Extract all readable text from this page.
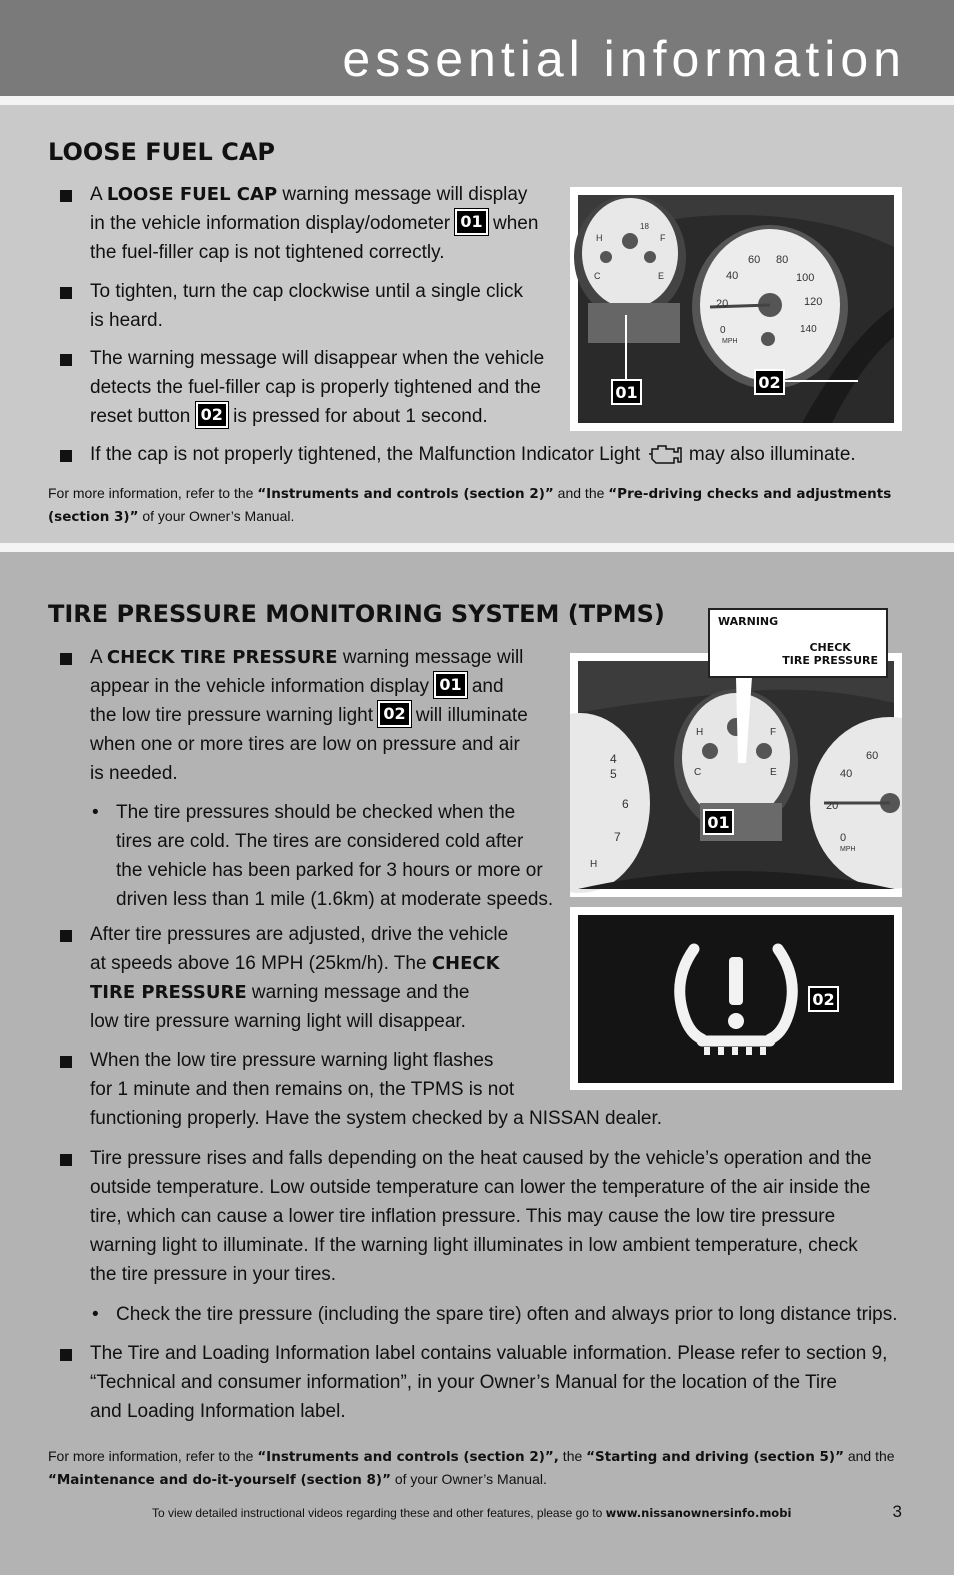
essential information
LOOSE FUEL CAP
A LOOSE FUEL CAP warning message will display
in the vehicle information display/odometer 01 when
the fuel-filler cap is not tightened correctly.
To tighten, turn the cap clockwise until a single click
is heard.
The warning message will disappear when the vehicle
detects the fuel-filler cap is properly tightened and the
reset button 02 is pressed for about 1 second.
If the cap is not properly tightened, the Malfunction Indicator Light  may also illuminate.
For more information, refer to the “Instruments and controls (section 2)” and the “Pre-driving checks and adjustments
(section 3)” of your Owner’s Manual.
H
C	E
F
18
20
40
60 80
100
120
140
0
MPH
01
02
TIRE PRESSURE MONITORING SYSTEM (TPMS)
A CHECK TIRE PRESSURE warning message will
appear in the vehicle information display 01 and
the low tire pressure warning light 02 will illuminate
when one or more tires are low on pressure and air
is needed.
• The tire pressures should be checked when the
tires are cold. The tires are considered cold after
the vehicle has been parked for 3 hours or more or
driven less than 1 mile (1.6km) at moderate speeds.
After tire pressures are adjusted, drive the vehicle
at speeds above 16 MPH (25km/h). The CHECK
TIRE PRESSURE warning message and the
low tire pressure warning light will disappear.
When the low tire pressure warning light flashes
for 1 minute and then remains on, the TPMS is not
functioning properly. Have the system checked by a NISSAN dealer.
Tire pressure rises and falls depending on the heat caused by the vehicle’s operation and the
outside temperature. Low outside temperature can lower the temperature of the air inside the
tire, which can cause a lower tire inflation pressure. This may cause the low tire pressure
warning light to illuminate. If the warning light illuminates in low ambient temperature, check
the tire pressure in your tires.
• Check the tire pressure (including the spare tire) often and always prior to long distance trips.
The Tire and Loading Information label contains valuable information. Please refer to section 9,
“Technical and consumer information”, in your Owner’s Manual for the location of the Tire
and Loading Information label.
For more information, refer to the “Instruments and controls (section 2)”, the “Starting and driving (section 5)” and the
“Maintenance and do-it-yourself (section 8)” of your Owner’s Manual.
4
5
6
7
H
H
C	E
F
20
40
60
0
MPH
01
WARNING
CHECK
TIRE PRESSURE
02
To view detailed instructional videos regarding these and other features, please go to www.nissanownersinfo.mobi	3
